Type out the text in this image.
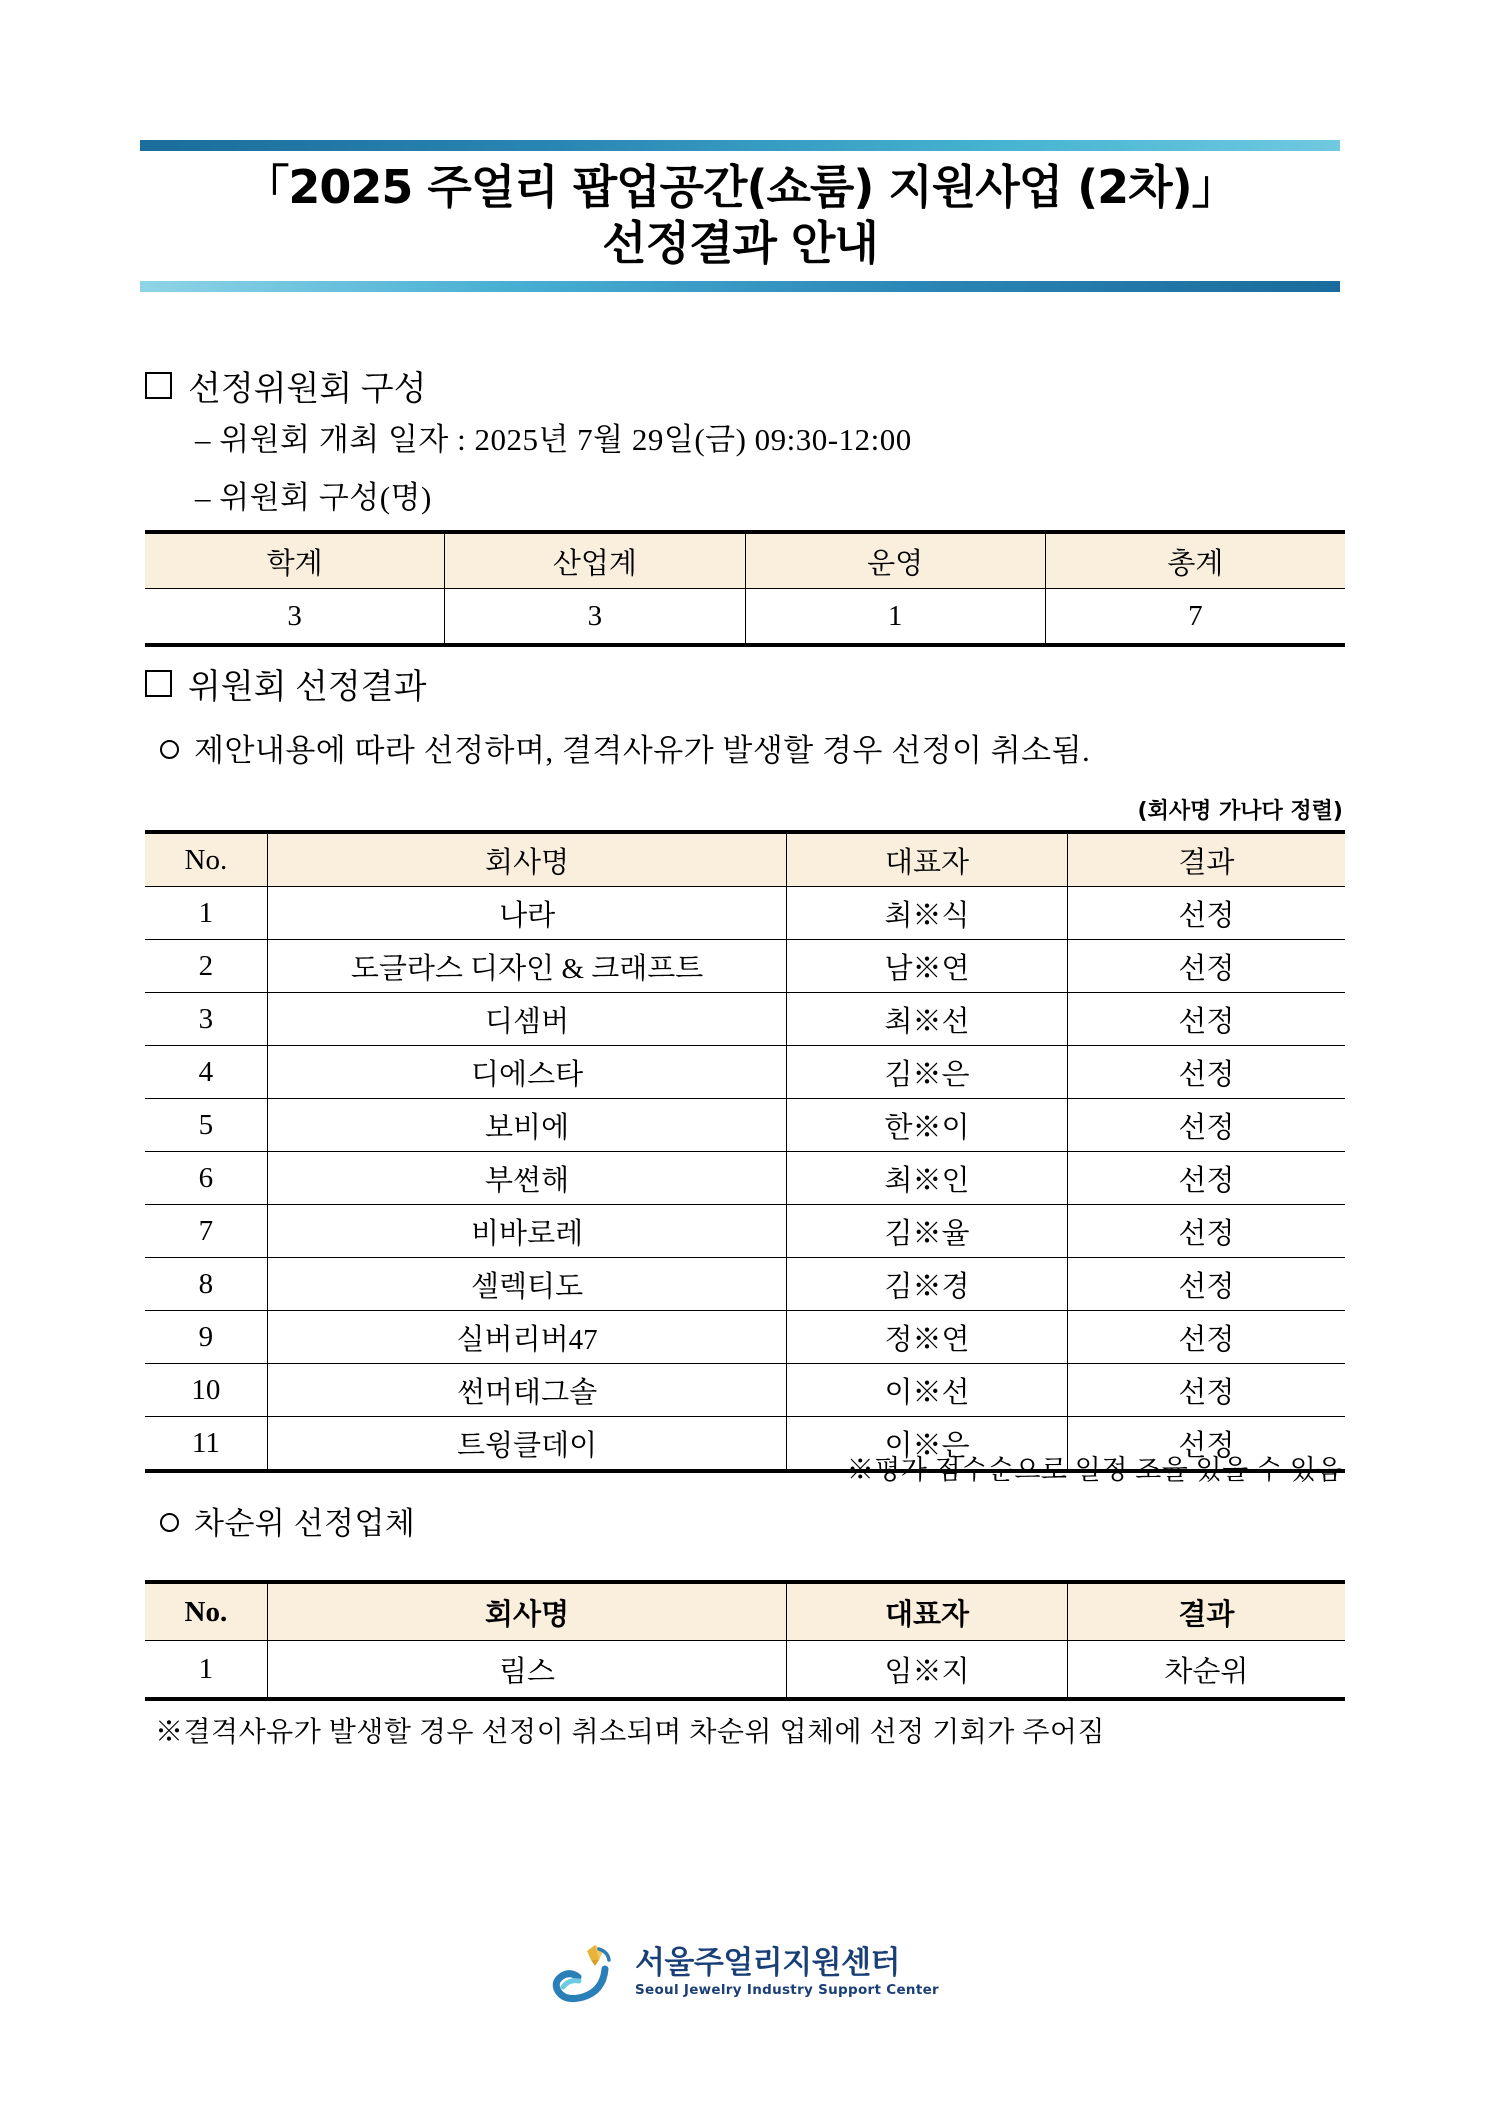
「2025 주얼리 팝업공간(쇼룸) 지원사업 (2차)」
선정결과 안내
선정위원회 구성
– 위원회 개최 일자 : 2025년 7월 29일(금) 09:30-12:00
– 위원회 구성(명)
학계	산업계	운영	총계
3	3	1	7
위원회 선정결과
제안내용에 따라 선정하며, 결격사유가 발생할 경우 선정이 취소됨.
(회사명 가나다 정렬)
No.	회사명	대표자	결과
1	나라	최※식	선정
2	도글라스 디자인 & 크래프트	남※연	선정
3	디셈버	최※선	선정
4	디에스타	김※은	선정
5	보비에	한※이	선정
6	부쎤해	최※인	선정
7	비바로레	김※율	선정
8	셀렉티도	김※경	선정
9	실버리버47	정※연	선정
10	썬머태그솔	이※선	선정
11	트윙클데이	이※은	선정
※평가 점수순으로 일정 조율 있을 수 있음
차순위 선정업체
No.	회사명	대표자	결과
1	림스	임※지	차순위
※결격사유가 발생할 경우 선정이 취소되며 차순위 업체에 선정 기회가 주어짐
서울주얼리지원센터
Seoul Jewelry Industry Support Center
